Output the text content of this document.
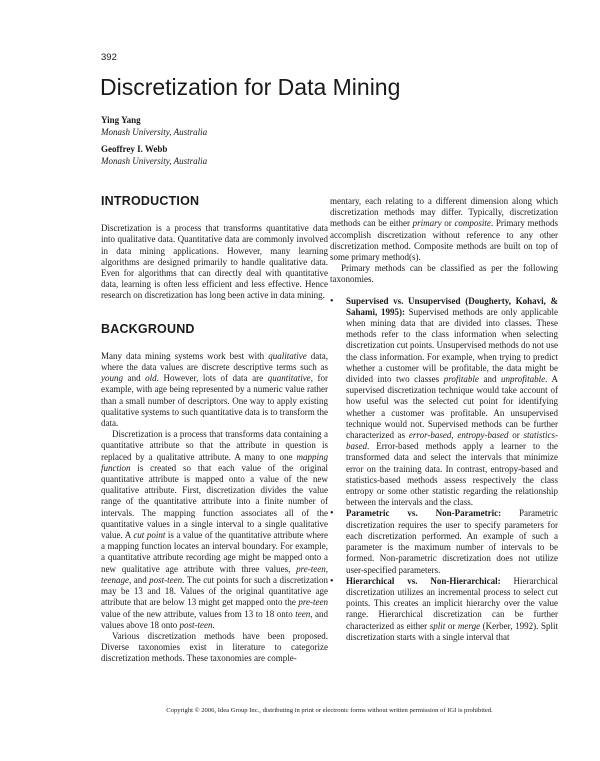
392
Discretization for Data Mining
Ying Yang
Monash University, Australia
Geoffrey I. Webb
Monash University, Australia
INTRODUCTION

Discretization is a process that transforms quantitative data into qualitative data. Quantitative data are commonly involved in data mining applications. However, many learning algorithms are designed primarily to handle qualitative data. Even for algorithms that can directly deal with quantitative data, learning is often less efficient and less effective. Hence research on discretization has long been active in data mining.

BACKGROUND

Many data mining systems work best with qualitative data, where the data values are discrete descriptive terms such as young and old. However, lots of data are quantitative, for example, with age being represented by a numeric value rather than a small number of descriptors. One way to apply existing qualitative systems to such quantitative data is to transform the data.

Discretization is a process that transforms data containing a quantitative attribute so that the attribute in question is replaced by a qualitative attribute. A many to one mapping function is created so that each value of the original quantitative attribute is mapped onto a value of the new qualitative attribute. First, discretization divides the value range of the quantitative attribute into a finite number of intervals. The mapping function associates all of the quantitative values in a single interval to a single qualitative value. A cut point is a value of the quantitative attribute where a mapping function locates an interval boundary. For example, a quantitative attribute recording age might be mapped onto a new qualitative age attribute with three values, pre-teen, teenage, and post-teen. The cut points for such a discretization may be 13 and 18. Values of the original quantitative age attribute that are below 13 might get mapped onto the pre-teen value of the new attribute, values from 13 to 18 onto teen, and values above 18 onto post-teen.

Various discretization methods have been proposed. Diverse taxonomies exist in literature to categorize discretization methods. These taxonomies are comple-

mentary, each relating to a different dimension along which discretization methods may differ. Typically, discretization methods can be either primary or composite. Primary methods accomplish discretization without reference to any other discretization method. Composite methods are built on top of some primary method(s).

Primary methods can be classified as per the following taxonomies.

• Supervised vs. Unsupervised (Dougherty, Kohavi, & Sahami, 1995): Supervised methods are only applicable when mining data that are divided into classes. These methods refer to the class information when selecting discretization cut points. Unsupervised methods do not use the class information. For example, when trying to predict whether a customer will be profitable, the data might be divided into two classes profitable and unprofitable. A supervised discretization technique would take account of how useful was the selected cut point for identifying whether a customer was profitable. An unsupervised technique would not. Supervised methods can be further characterized as error-based, entropy-based or statistics-based. Error-based methods apply a learner to the transformed data and select the intervals that minimize error on the training data. In contrast, entropy-based and statistics-based methods assess respectively the class entropy or some other statistic regarding the relationship between the intervals and the class.
• Parametric vs. Non-Parametric: Parametric discretization requires the user to specify parameters for each discretization performed. An example of such a parameter is the maximum number of intervals to be formed. Non-parametric discretization does not utilize user-specified parameters.
• Hierarchical vs. Non-Hierarchical: Hierarchical discretization utilizes an incremental process to select cut points. This creates an implicit hierarchy over the value range. Hierarchical discretization can be further characterized as either split or merge (Kerber, 1992). Split discretization starts with a single interval that
Copyright © 2006, Idea Group Inc., distributing in print or electronic forms without written permission of IGI is prohibited.
